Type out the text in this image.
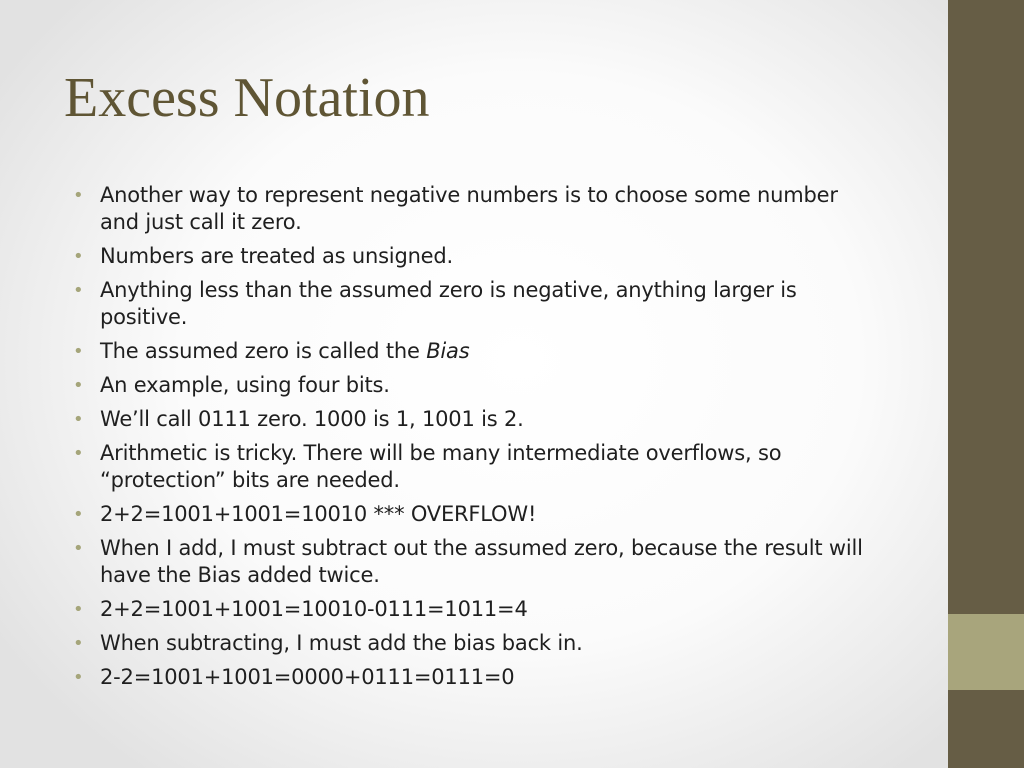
Excess Notation
• Another way to represent negative numbers is to choose some number and just call it zero.
• Numbers are treated as unsigned.
• Anything less than the assumed zero is negative, anything larger is positive.
• The assumed zero is called the Bias
• An example, using four bits.
• We’ll call 0111 zero. 1000 is 1, 1001 is 2.
• Arithmetic is tricky. There will be many intermediate overflows, so “protection” bits are needed.
• 2+2=1001+1001=10010 *** OVERFLOW!
• When I add, I must subtract out the assumed zero, because the result will have the Bias added twice.
• 2+2=1001+1001=10010-0111=1011=4
• When subtracting, I must add the bias back in.
• 2-2=1001+1001=0000+0111=0111=0
